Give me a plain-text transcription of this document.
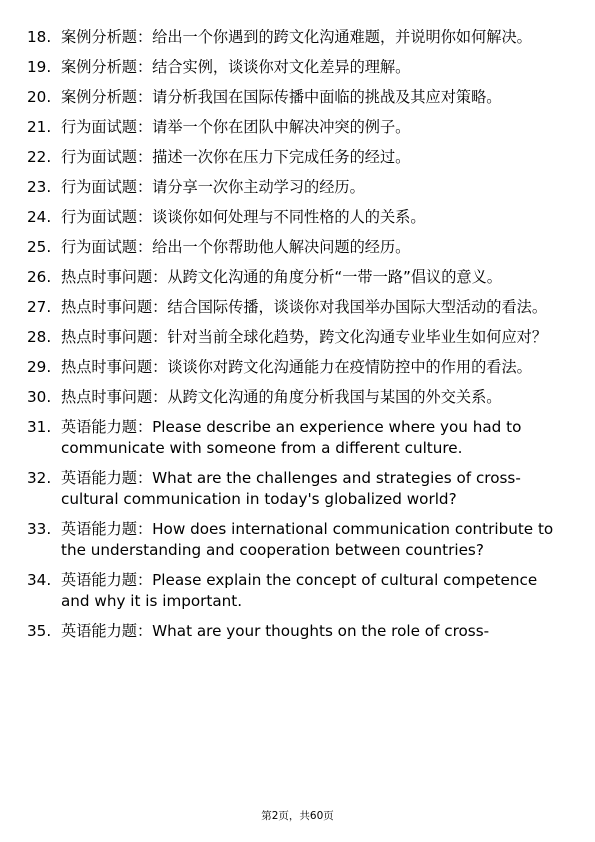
18. 案例分析题：给出一个你遇到的跨文化沟通难题，并说明你如何解决。
19. 案例分析题：结合实例，谈谈你对文化差异的理解。
20. 案例分析题：请分析我国在国际传播中面临的挑战及其应对策略。
21. 行为面试题：请举一个你在团队中解决冲突的例子。
22. 行为面试题：描述一次你在压力下完成任务的经过。
23. 行为面试题：请分享一次你主动学习的经历。
24. 行为面试题：谈谈你如何处理与不同性格的人的关系。
25. 行为面试题：给出一个你帮助他人解决问题的经历。
26. 热点时事问题：从跨文化沟通的角度分析“一带一路”倡议的意义。
27. 热点时事问题：结合国际传播，谈谈你对我国举办国际大型活动的看法。
28. 热点时事问题：针对当前全球化趋势，跨文化沟通专业毕业生如何应对？
29. 热点时事问题：谈谈你对跨文化沟通能力在疫情防控中的作用的看法。
30. 热点时事问题：从跨文化沟通的角度分析我国与某国的外交关系。
31. 英语能力题：Please describe an experience where you had to communicate with someone from a different culture.
32. 英语能力题：What are the challenges and strategies of cross-cultural communication in today's globalized world?
33. 英语能力题：How does international communication contribute to the understanding and cooperation between countries?
34. 英语能力题：Please explain the concept of cultural competence and why it is important.
35. 英语能力题：What are your thoughts on the role of cross-
第2页，共60页
